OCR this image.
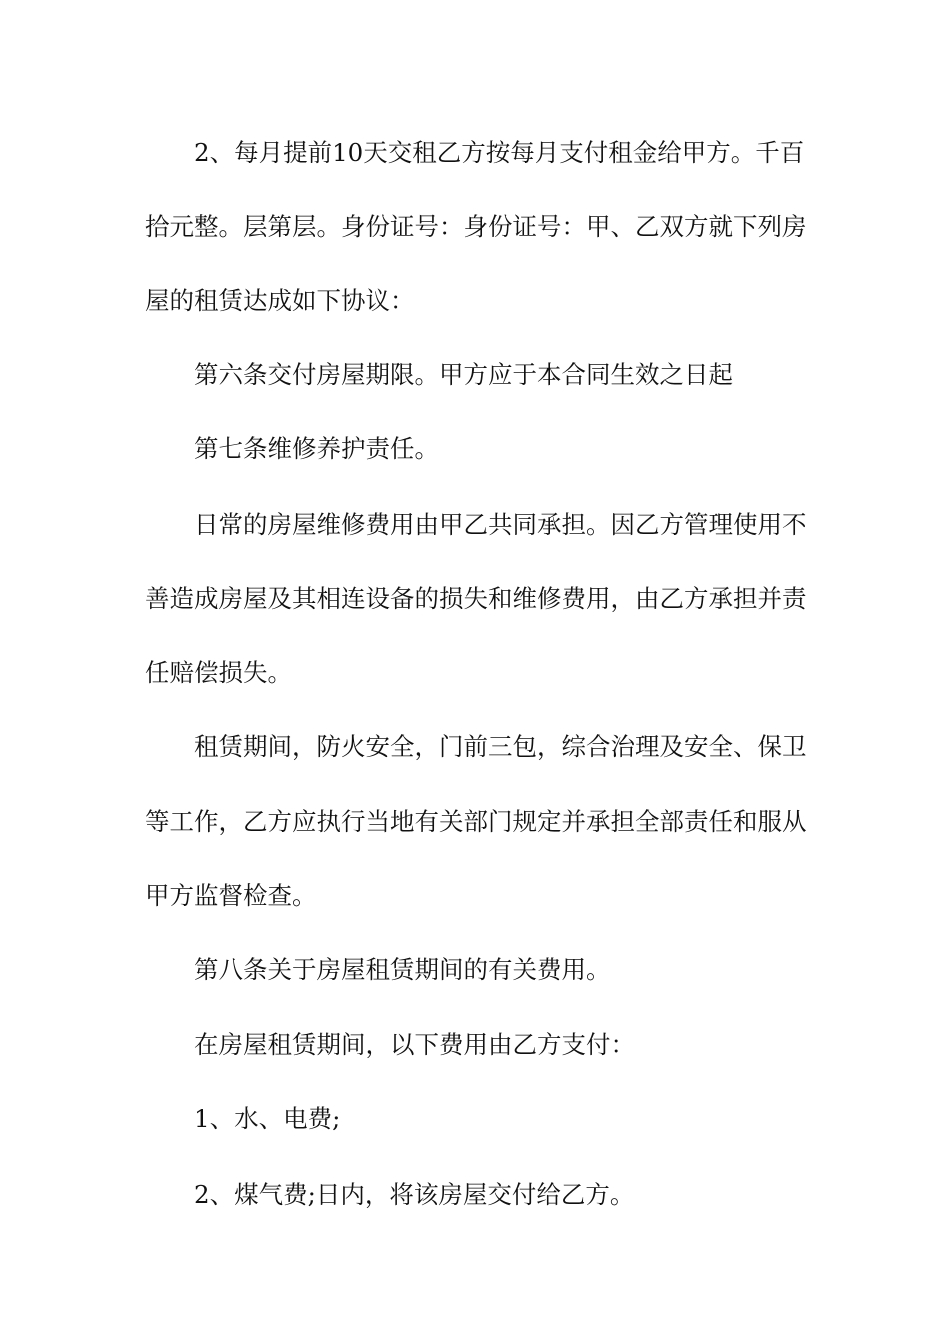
2、每月提前10天交租乙方按每月支付租金给甲方。千百
拾元整。层第层。身份证号：身份证号：甲、乙双方就下列房
屋的租赁达成如下协议：
第六条交付房屋期限。甲方应于本合同生效之日起
第七条维修养护责任。
日常的房屋维修费用由甲乙共同承担。因乙方管理使用不
善造成房屋及其相连设备的损失和维修费用，由乙方承担并责
任赔偿损失。
租赁期间，防火安全，门前三包，综合治理及安全、保卫
等工作，乙方应执行当地有关部门规定并承担全部责任和服从
甲方监督检查。
第八条关于房屋租赁期间的有关费用。
在房屋租赁期间，以下费用由乙方支付：
1、水、电费;
2、煤气费;日内，将该房屋交付给乙方。
